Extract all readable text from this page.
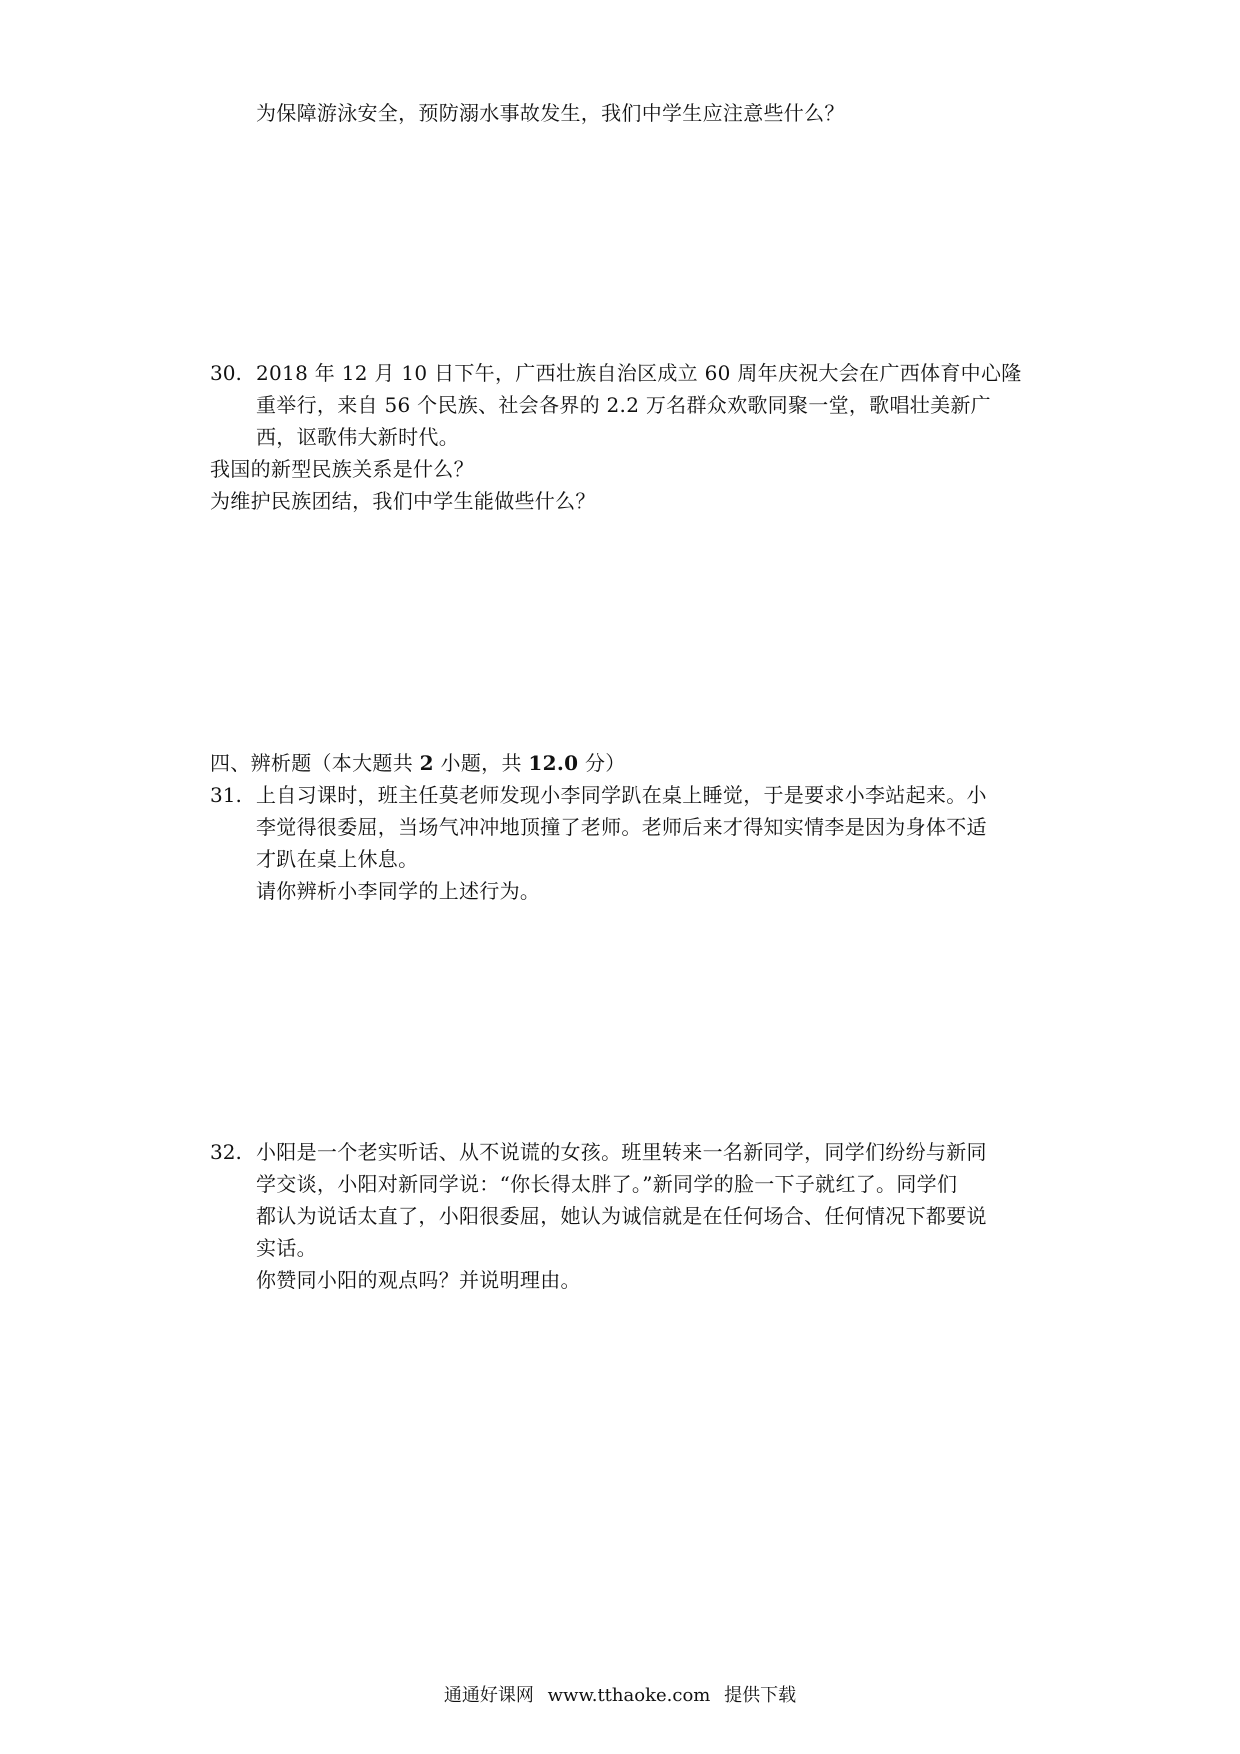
为保障游泳安全，预防溺水事故发生，我们中学生应注意些什么？
30. 2018 年 12 月 10 日下午，广西壮族自治区成立 60 周年庆祝大会在广西体育中心隆
重举行，来自 56 个民族、社会各界的 2.2 万名群众欢歌同聚一堂，歌唱壮美新广
西，讴歌伟大新时代。
我国的新型民族关系是什么？
为维护民族团结，我们中学生能做些什么？
四、辨析题（本大题共 2 小题，共 12.0 分）
31. 上自习课时，班主任莫老师发现小李同学趴在桌上睡觉，于是要求小李站起来。小
李觉得很委屈，当场气冲冲地顶撞了老师。老师后来才得知实情李是因为身体不适
才趴在桌上休息。
请你辨析小李同学的上述行为。
32. 小阳是一个老实听话、从不说谎的女孩。班里转来一名新同学，同学们纷纷与新同
学交谈，小阳对新同学说：“你长得太胖了。”新同学的脸一下子就红了。同学们
都认为说话太直了，小阳很委屈，她认为诚信就是在任何场合、任何情况下都要说
实话。
你赞同小阳的观点吗？并说明理由。
通通好课网 www.tthaoke.com 提供下载
